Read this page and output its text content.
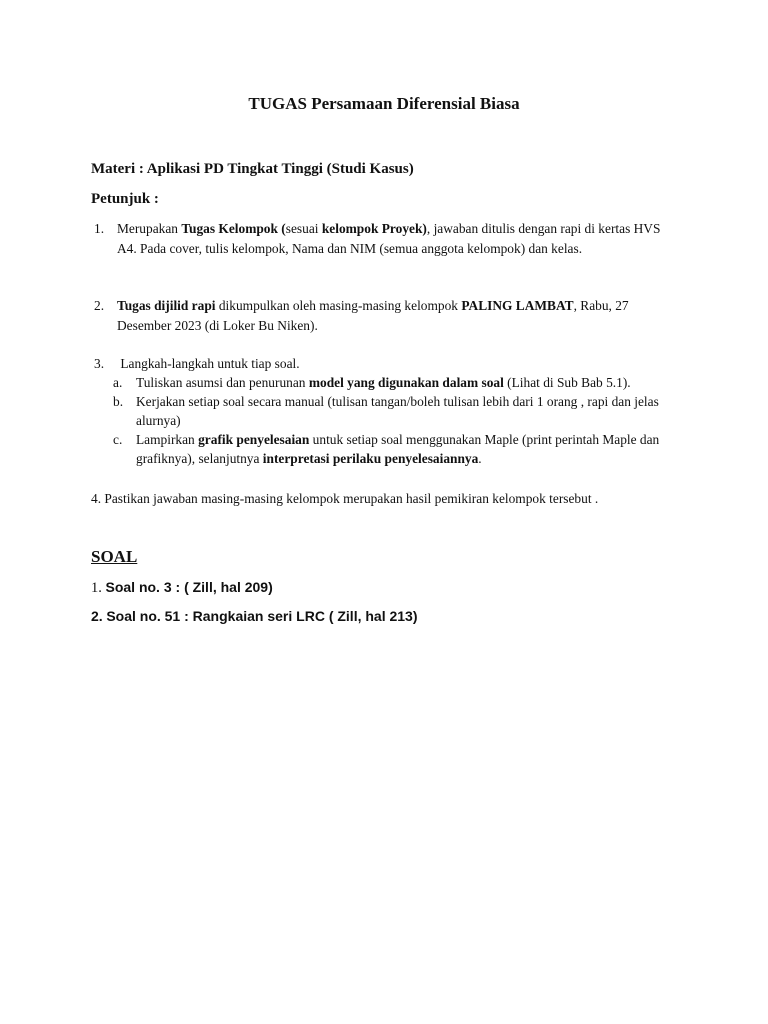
TUGAS Persamaan Diferensial Biasa
Materi : Aplikasi PD Tingkat Tinggi (Studi Kasus)
Petunjuk :
1. Merupakan Tugas Kelompok (sesuai kelompok Proyek), jawaban ditulis dengan rapi di kertas HVS A4. Pada cover, tulis kelompok, Nama dan NIM (semua anggota kelompok) dan kelas.
2. Tugas dijilid rapi dikumpulkan oleh masing-masing kelompok PALING LAMBAT, Rabu, 27 Desember 2023 (di Loker Bu Niken).
3. Langkah-langkah untuk tiap soal.
a. Tuliskan asumsi dan penurunan model yang digunakan dalam soal (Lihat di Sub Bab 5.1).
b. Kerjakan setiap soal secara manual (tulisan tangan/boleh tulisan lebih dari 1 orang , rapi dan jelas alurnya)
c. Lampirkan grafik penyelesaian untuk setiap soal menggunakan Maple (print perintah Maple dan grafiknya), selanjutnya interpretasi perilaku penyelesaiannya.
4. Pastikan jawaban masing-masing kelompok merupakan hasil pemikiran kelompok tersebut .
SOAL
1. Soal no. 3 : ( Zill, hal 209)
2. Soal no. 51 : Rangkaian seri LRC ( Zill, hal 213)
